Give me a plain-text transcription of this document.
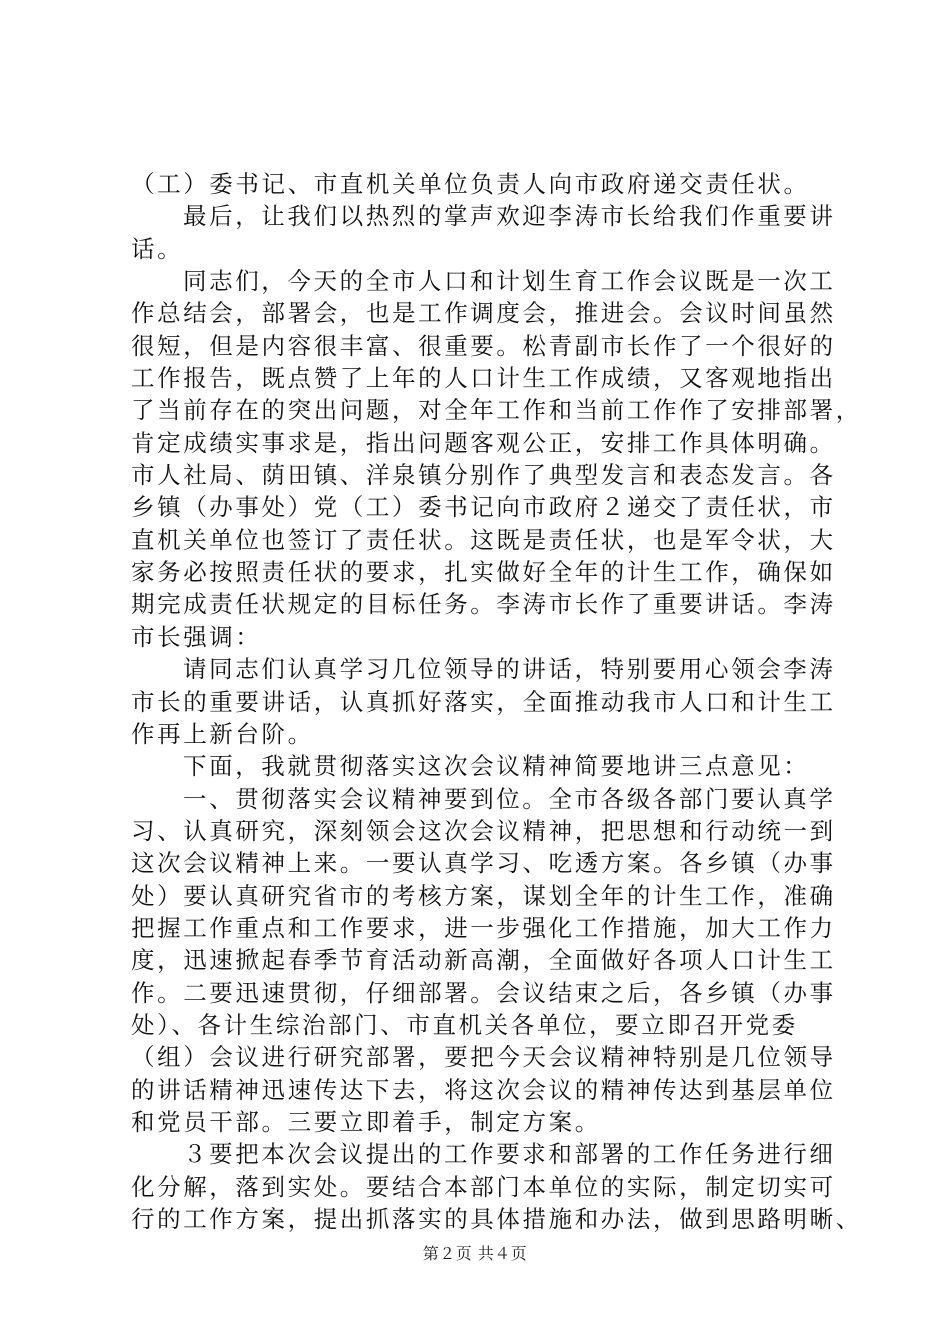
（工）委书记、市直机关单位负责人向市政府递交责任状。
最后，让我们以热烈的掌声欢迎李涛市长给我们作重要讲
话。
同志们，今天的全市人口和计划生育工作会议既是一次工
作总结会，部署会，也是工作调度会，推进会。会议时间虽然
很短，但是内容很丰富、很重要。松青副市长作了一个很好的
工作报告，既点赞了上年的人口计生工作成绩，又客观地指出
了当前存在的突出问题，对全年工作和当前工作作了安排部署，
肯定成绩实事求是，指出问题客观公正，安排工作具体明确。
市人社局、荫田镇、洋泉镇分别作了典型发言和表态发言。各
乡镇（办事处）党（工）委书记向市政府２递交了责任状，市
直机关单位也签订了责任状。这既是责任状，也是军令状，大
家务必按照责任状的要求，扎实做好全年的计生工作，确保如
期完成责任状规定的目标任务。李涛市长作了重要讲话。李涛
市长强调：
请同志们认真学习几位领导的讲话，特别要用心领会李涛
市长的重要讲话，认真抓好落实，全面推动我市人口和计生工
作再上新台阶。
下面，我就贯彻落实这次会议精神简要地讲三点意见：
一、贯彻落实会议精神要到位。全市各级各部门要认真学
习、认真研究，深刻领会这次会议精神，把思想和行动统一到
这次会议精神上来。一要认真学习、吃透方案。各乡镇（办事
处）要认真研究省市的考核方案，谋划全年的计生工作，准确
把握工作重点和工作要求，进一步强化工作措施，加大工作力
度，迅速掀起春季节育活动新高潮，全面做好各项人口计生工
作。二要迅速贯彻，仔细部署。会议结束之后，各乡镇（办事
处）、各计生综治部门、市直机关各单位，要立即召开党委
（组）会议进行研究部署，要把今天会议精神特别是几位领导
的讲话精神迅速传达下去，将这次会议的精神传达到基层单位
和党员干部。三要立即着手，制定方案。
３要把本次会议提出的工作要求和部署的工作任务进行细
化分解，落到实处。要结合本部门本单位的实际，制定切实可
行的工作方案，提出抓落实的具体措施和办法，做到思路明晰、
第２页 共４页
